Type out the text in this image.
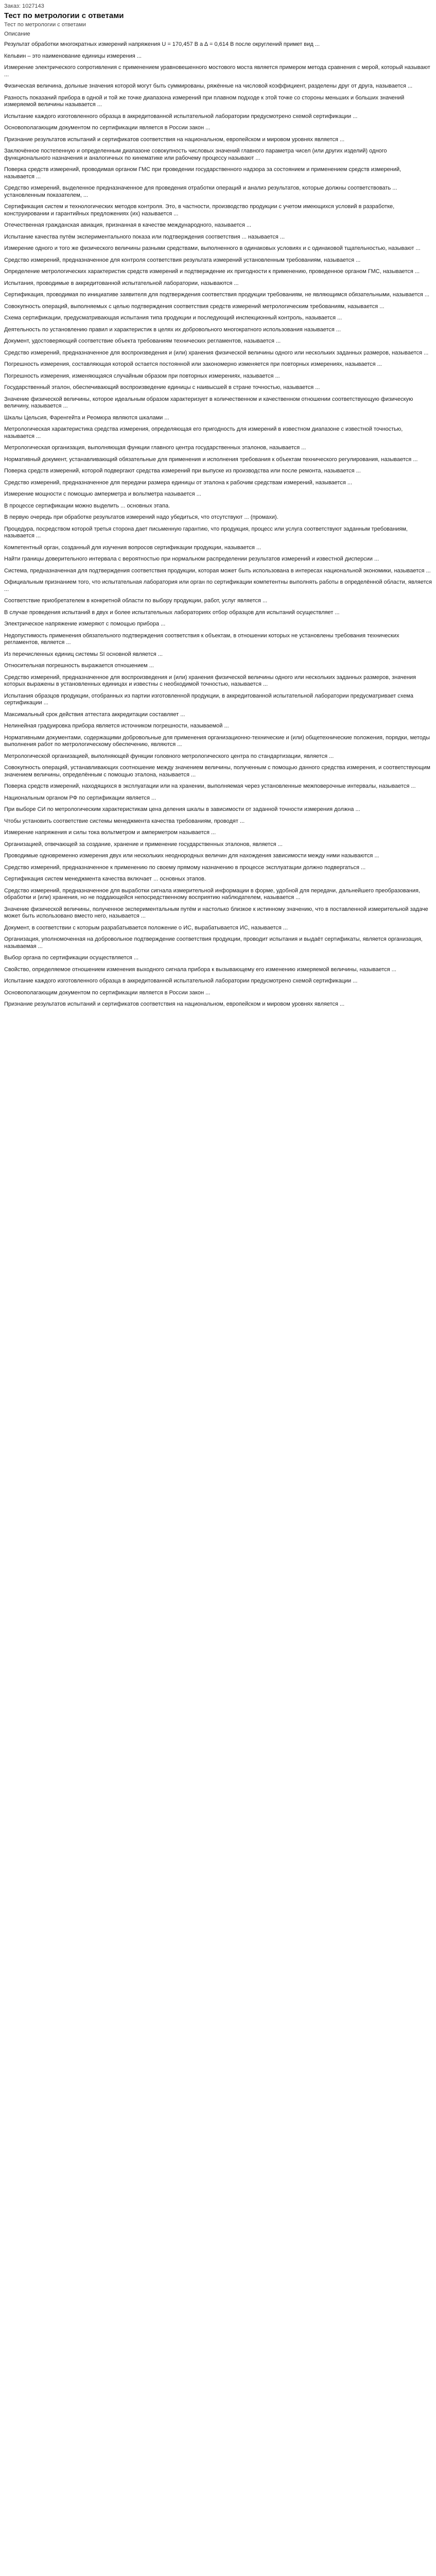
Заказ: 1027143
Тест по метрологии с ответами
Тест по метрологии с ответами
Описание

Результат обработки многократных измерений напряжения U = 170,457 В а ∆ = 0,614 В после округлений примет вид ...

Кельвин – это наименование единицы измерения ...

Измерение электрического сопротивления с применением уравновешенного мостового моста является примером метода сравнения с мерой, который называют ...

Физическая величина, дольные значения которой могут быть суммированы, ряжённые на числовой коэффициент, разделены друг от друга, называется ...

Разность показаний прибора в одной и той же точке диапазона измерений при плавном подходе к этой точке со стороны меньших и больших значений измеряемой величины называется ...

Испытание каждого изготовленного образца в аккредитованной испытательной лаборатории предусмотрено схемой сертификации ...

Основополагающим документом по сертификации является в России закон ...

Признание результатов испытаний и сертификатов соответствия на национальном, европейском и мировом уровнях является ...

Заключённое постепенную и определенным диапазоне совокупность числовых значений главного параметра чисел (или других изделий) одного функционального назначения и аналогичных по кинематике или рабочему процессу называют ...

Поверка средств измерений, проводимая органом ГМС при проведении государственного надзора за состоянием и применением средств измерений, называется ...

Средство измерений, выделенное предназначенное для проведения отработки операций и анализ результатов, которые должны соответствовать ... установленным показателем, ...

Сертификация систем и технологических методов контроля. Это, в частности, производство продукции с учетом имеющихся условий в разработке, конструировании и гарантийных предложениях (их) называется ...

Отечественная гражданская авиация, признанная в качестве международного, называется ...

Испытание качества путём экспериментального показа или подтверждения соответствия ... называется ...

Измерение одного и того же физического величины разными средствами, выполненного в одинаковых условиях и с одинаковой тщательностью, называют ...

Средство измерений, предназначенное для контроля соответствия результата измерений установленным требованиям, называется ...

Определение метрологических характеристик средств измерений и подтверждение их пригодности к применению, проведенное органом ГМС, называется ...

Испытания, проводимые в аккредитованной испытательной лаборатории, называются ...

Сертификация, проводимая по инициативе заявителя для подтверждения соответствия продукции требованиям, не являющимся обязательными, называется ...

Совокупность операций, выполняемых с целью подтверждения соответствия средств измерений метрологическим требованиям, называется ...

Схема сертификации, предусматривающая испытания типа продукции и последующий инспекционный контроль, называется ...

Деятельность по установлению правил и характеристик в целях их добровольного многократного использования называется ...

Документ, удостоверяющий соответствие объекта требованиям технических регламентов, называется ...

Средство измерений, предназначенное для воспроизведения и (или) хранения физической величины одного или нескольких заданных размеров, называется ...

Погрешность измерения, составляющая которой остается постоянной или закономерно изменяется при повторных измерениях, называется ...

Погрешность измерения, изменяющаяся случайным образом при повторных измерениях, называется ...

Государственный эталон, обеспечивающий воспроизведение единицы с наивысшей в стране точностью, называется ...

Значение физической величины, которое идеальным образом характеризует в количественном и качественном отношении соответствующую физическую величину, называется ...

Шкалы Цельсия, Фаренгейта и Реомюра являются шкалами ...

Метрологическая характеристика средства измерения, определяющая его пригодность для измерений в известном диапазоне с известной точностью, называется ...

Метрологическая организация, выполняющая функции главного центра государственных эталонов, называется ...

Нормативный документ, устанавливающий обязательные для применения и исполнения требования к объектам технического регулирования, называется ...

Поверка средств измерений, которой подвергают средства измерений при выпуске из производства или после ремонта, называется ...

Средство измерений, предназначенное для передачи размера единицы от эталона к рабочим средствам измерений, называется ...

Измерение мощности с помощью амперметра и вольтметра называется ...

В процессе сертификации можно выделить ... основных этапа.

В первую очередь при обработке результатов измерений надо убедиться, что отсутствуют ... (промахи).

Процедура, посредством которой третья сторона дает письменную гарантию, что продукция, процесс или услуга соответствуют заданным требованиям, называется ...

Компетентный орган, созданный для изучения вопросов сертификации продукции, называется ...

Найти границы доверительного интервала с вероятностью при нормальном распределении результатов измерений и известной дисперсии ...

Система, предназначенная для подтверждения соответствия продукции, которая может быть использована в интересах национальной экономики, называется ...

Официальным признанием того, что испытательная лаборатория или орган по сертификации компетентны выполнять работы в определённой области, является ...

Соответствие приобретателем в конкретной области по выбору продукции, работ, услуг является ...

В случае проведения испытаний в двух и более испытательных лабораториях отбор образцов для испытаний осуществляет ...

Электрическое напряжение измеряют с помощью прибора ...

Недопустимость применения обязательного подтверждения соответствия к объектам, в отношении которых не установлены требования технических регламентов, является ...

Из перечисленных единиц системы SI основной является ...

Относительная погрешность выражается отношением ...

Средство измерений, предназначенное для воспроизведения и (или) хранения физической величины одного или нескольких заданных размеров, значения которых выражены в установленных единицах и известны с необходимой точностью, называется ...

Испытания образцов продукции, отобранных из партии изготовленной продукции, в аккредитованной испытательной лаборатории предусматривает схема сертификации ...

Максимальный срок действия аттестата аккредитации составляет ...

Нелинейная градуировка прибора является источником погрешности, называемой ...

Нормативными документами, содержащими добровольные для применения организационно-технические и (или) общетехнические положения, порядки, методы выполнения работ по метрологическому обеспечению, являются ...

Метрологической организацией, выполняющей функции головного метрологического центра по стандартизации, является ...

Совокупность операций, устанавливающих соотношение между значением величины, полученным с помощью данного средства измерения, и соответствующим значением величины, определённым с помощью эталона, называется ...

Поверка средств измерений, находящихся в эксплуатации или на хранении, выполняемая через установленные межповерочные интервалы, называется ...

Национальным органом РФ по сертификации является ...

При выборе СИ по метрологическим характеристикам цена деления шкалы в зависимости от заданной точности измерения должна ...

Чтобы установить соответствие системы менеджмента качества требованиям, проводят ...

Измерение напряжения и силы тока вольтметром и амперметром называется ...

Организацией, отвечающей за создание, хранение и применение государственных эталонов, является ...

Проводимые одновременно измерения двух или нескольких неоднородных величин для нахождения зависимости между ними называются ...

Средство измерений, предназначенное к применению по своему прямому назначению в процессе эксплуатации должно подвергаться ...

Сертификация систем менеджмента качества включает ... основных этапов.

Средство измерений, предназначенное для выработки сигнала измерительной информации в форме, удобной для передачи, дальнейшего преобразования, обработки и (или) хранения, но не поддающейся непосредственному восприятию наблюдателем, называется ...

Значение физической величины, полученное экспериментальным путём и настолько близкое к истинному значению, что в поставленной измерительной задаче может быть использовано вместо него, называется ...

Документ, в соответствии с которым разрабатывается положение о ИС, вырабатывается ИС, называется ...

Организация, уполномоченная на добровольное подтверждение соответствия продукции, проводит испытания и выдаёт сертификаты, является организация, называемая ...

Выбор органа по сертификации осуществляется ...

Свойство, определяемое отношением изменения выходного сигнала прибора к вызывающему его изменению измеряемой величины, называется ...

Испытание каждого изготовленного образца в аккредитованной испытательной лаборатории предусмотрено схемой сертификации ...

Основополагающим документом по сертификации является в России закон ...

Признание результатов испытаний и сертификатов соответствия на национальном, европейском и мировом уровнях является ...
